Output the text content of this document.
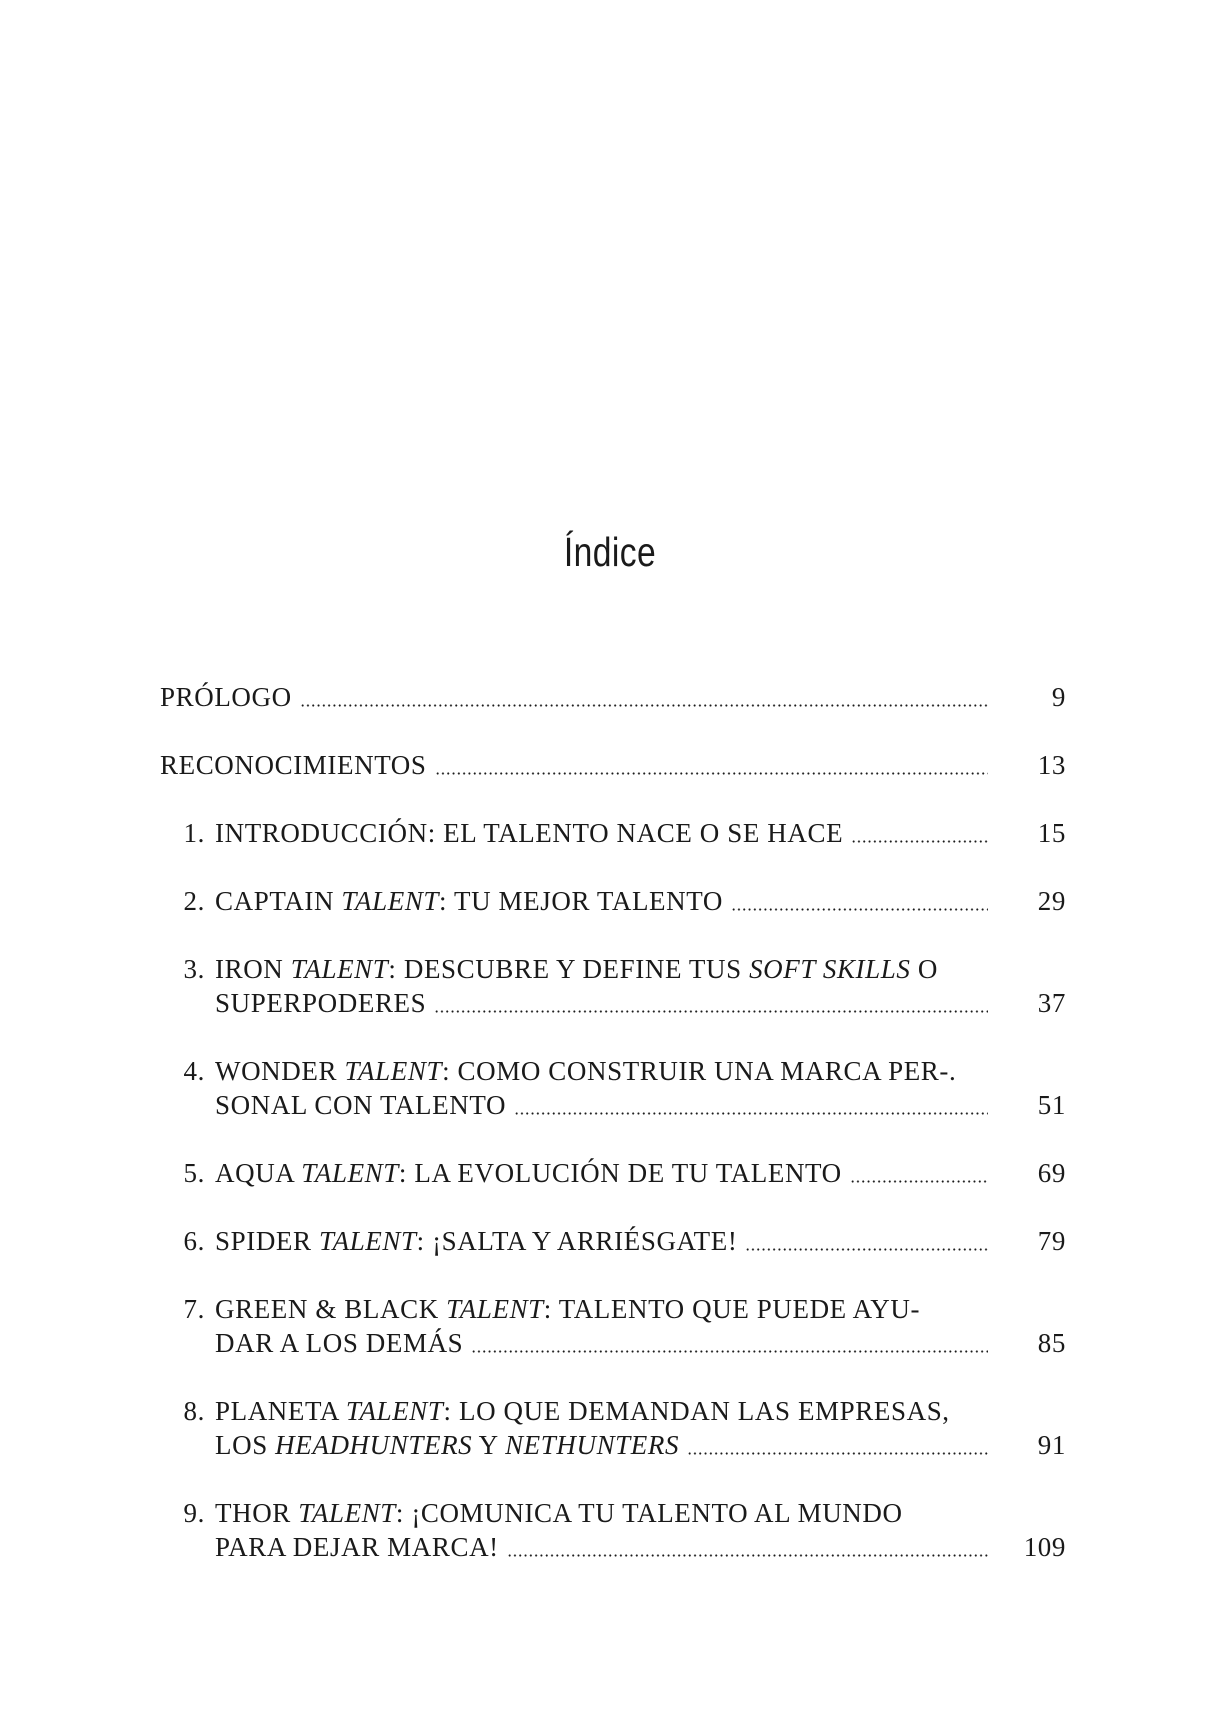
Índice
PRÓLOGO	9
RECONOCIMIENTOS	13
1. INTRODUCCIÓN: EL TALENTO NACE O SE HACE	15
2. CAPTAIN TALENT: TU MEJOR TALENTO	29
3. IRON TALENT: DESCUBRE Y DEFINE TUS SOFT SKILLS O
SUPERPODERES	37
4. WONDER TALENT: COMO CONSTRUIR UNA MARCA PER-.
SONAL CON TALENTO	51
5. AQUA TALENT: LA EVOLUCIÓN DE TU TALENTO	69
6. SPIDER TALENT: ¡SALTA Y ARRIÉSGATE!	79
7. GREEN & BLACK TALENT: TALENTO QUE PUEDE AYU-
DAR A LOS DEMÁS	85
8. PLANETA TALENT: LO QUE DEMANDAN LAS EMPRESAS,
LOS HEADHUNTERS Y NETHUNTERS	91
9. THOR TALENT: ¡COMUNICA TU TALENTO AL MUNDO
PARA DEJAR MARCA!	109
